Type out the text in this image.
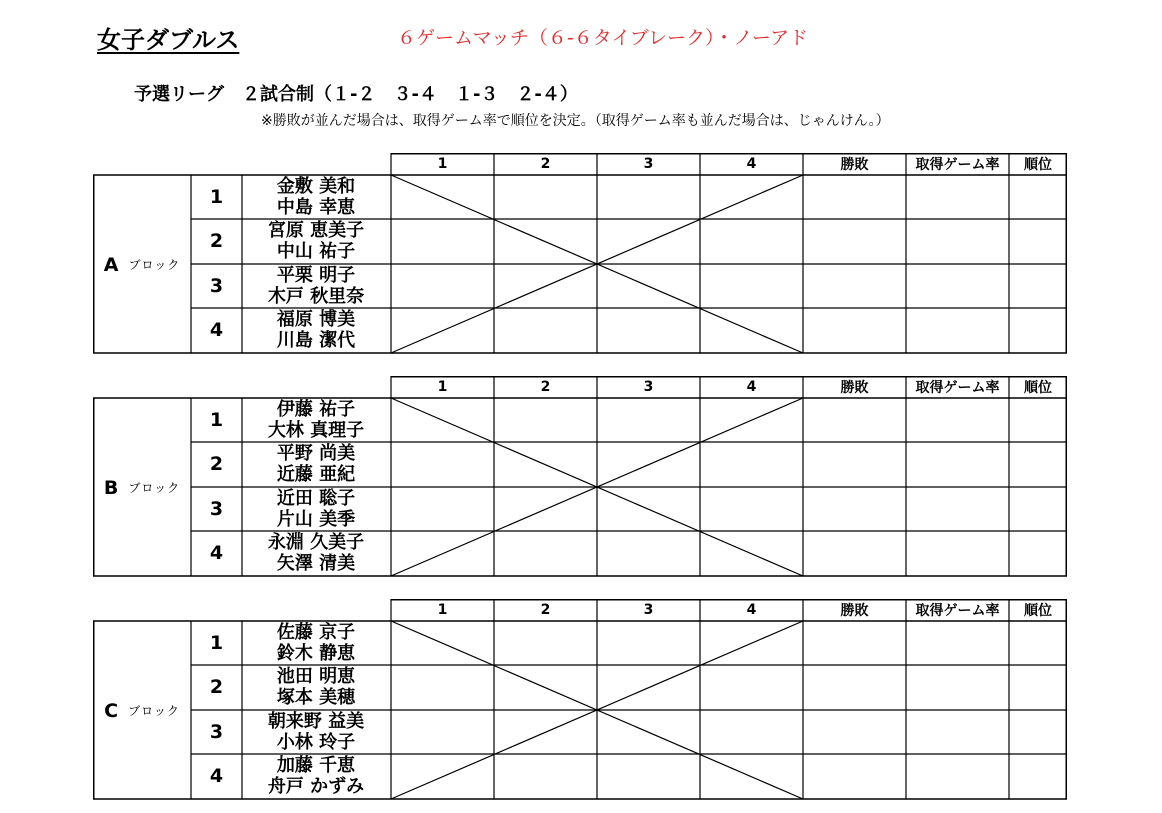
女子ダブルス	６ゲームマッチ（６-６タイブレーク）・ノーアド
予選リーグ　２試合制（１-２　３-４　１-３　２-４）
※勝敗が並んだ場合は、取得ゲーム率で順位を決定。（取得ゲーム率も並んだ場合は、じゃんけん。）
1	2	3	4	勝敗	取得ゲーム率	順位
A ブロック
1	金敷 美和
中島 幸恵
2	宮原 恵美子
中山 祐子
3	平栗 明子
木戸 秋里奈
4	福原 博美
川島 潔代
1	2	3	4	勝敗	取得ゲーム率	順位
B ブロック
1	伊藤 祐子
大林 真理子
2	平野 尚美
近藤 亜紀
3	近田 聡子
片山 美季
4	永淵 久美子
矢澤 清美
1	2	3	4	勝敗	取得ゲーム率	順位
C ブロック
1	佐藤 京子
鈴木 静恵
2	池田 明恵
塚本 美穂
3	朝来野 益美
小林 玲子
4	加藤 千恵
舟戸 かずみ
